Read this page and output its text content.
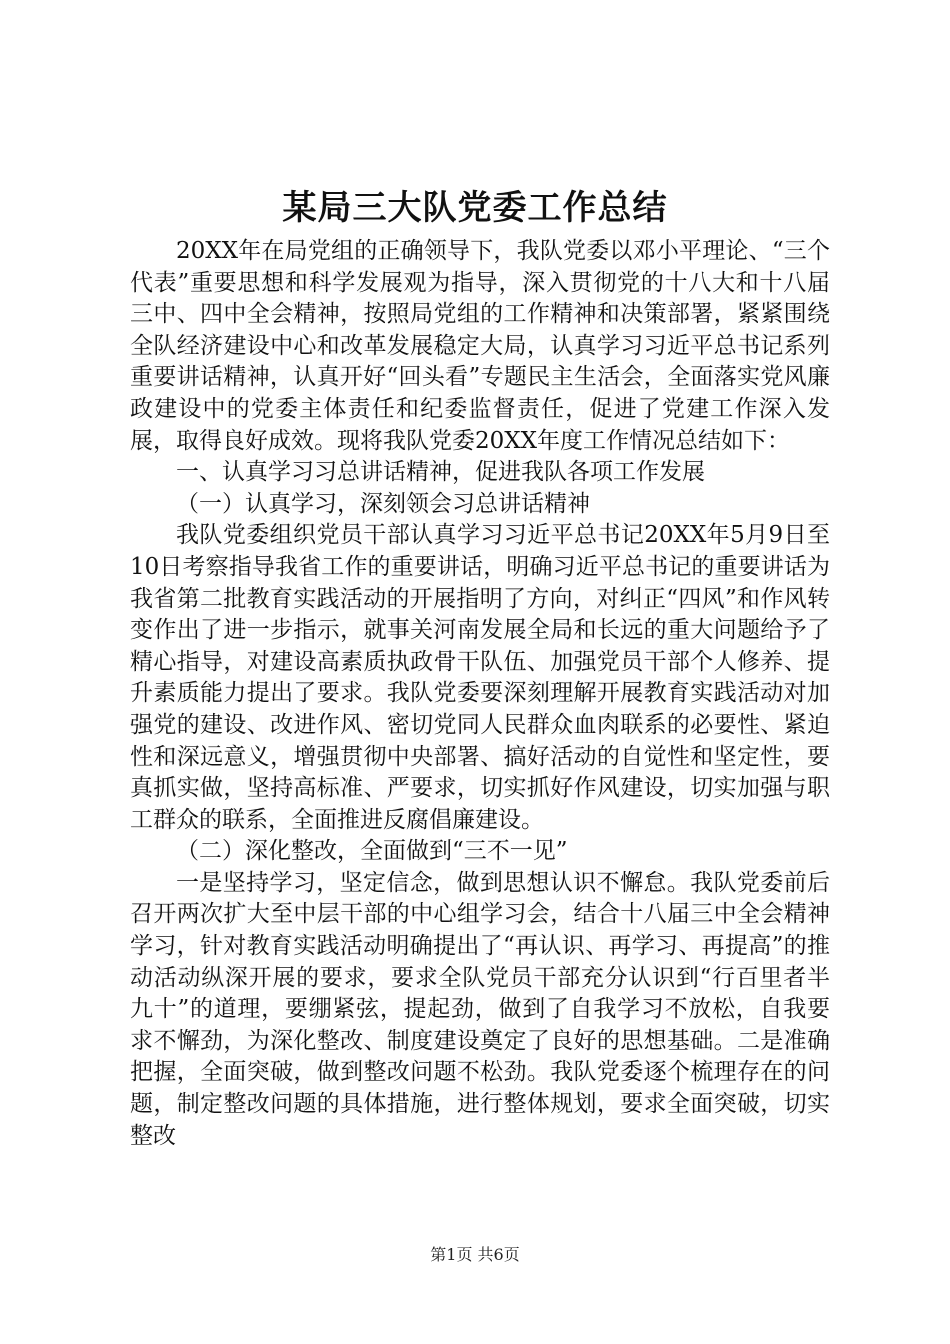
某局三大队党委工作总结

20XX年在局党组的正确领导下，我队党委以邓小平理论、“三个代表”重要思想和科学发展观为指导，深入贯彻党的十八大和十八届三中、四中全会精神，按照局党组的工作精神和决策部署，紧紧围绕全队经济建设中心和改革发展稳定大局，认真学习习近平总书记系列重要讲话精神，认真开好“回头看”专题民主生活会，全面落实党风廉政建设中的党委主体责任和纪委监督责任，促进了党建工作深入发展，取得良好成效。现将我队党委20XX年度工作情况总结如下：

一、认真学习习总讲话精神，促进我队各项工作发展

（一）认真学习，深刻领会习总讲话精神

我队党委组织党员干部认真学习习近平总书记20XX年5月9日至10日考察指导我省工作的重要讲话，明确习近平总书记的重要讲话为我省第二批教育实践活动的开展指明了方向，对纠正“四风”和作风转变作出了进一步指示，就事关河南发展全局和长远的重大问题给予了精心指导，对建设高素质执政骨干队伍、加强党员干部个人修养、提升素质能力提出了要求。我队党委要深刻理解开展教育实践活动对加强党的建设、改进作风、密切党同人民群众血肉联系的必要性、紧迫性和深远意义，增强贯彻中央部署、搞好活动的自觉性和坚定性，要真抓实做，坚持高标准、严要求，切实抓好作风建设，切实加强与职工群众的联系，全面推进反腐倡廉建设。

（二）深化整改，全面做到“三不一见”

一是坚持学习，坚定信念，做到思想认识不懈怠。我队党委前后召开两次扩大至中层干部的中心组学习会，结合十八届三中全会精神学习，针对教育实践活动明确提出了“再认识、再学习、再提高”的推动活动纵深开展的要求，要求全队党员干部充分认识到“行百里者半九十”的道理，要绷紧弦，提起劲，做到了自我学习不放松，自我要求不懈劲，为深化整改、制度建设奠定了良好的思想基础。二是准确把握，全面突破，做到整改问题不松劲。我队党委逐个梳理存在的问题，制定整改问题的具体措施，进行整体规划，要求全面突破，切实整改

第1页 共6页
